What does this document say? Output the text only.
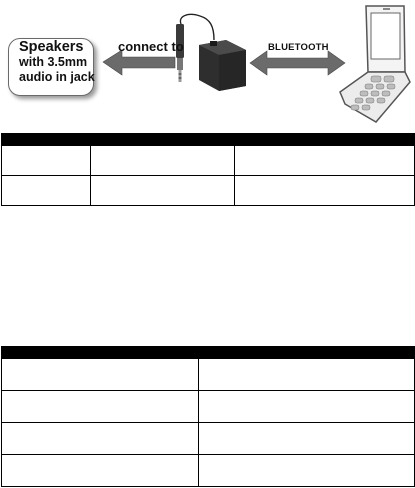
Speakers
with 3.5mm
audio in jack
connect to	BLUETOOTH
